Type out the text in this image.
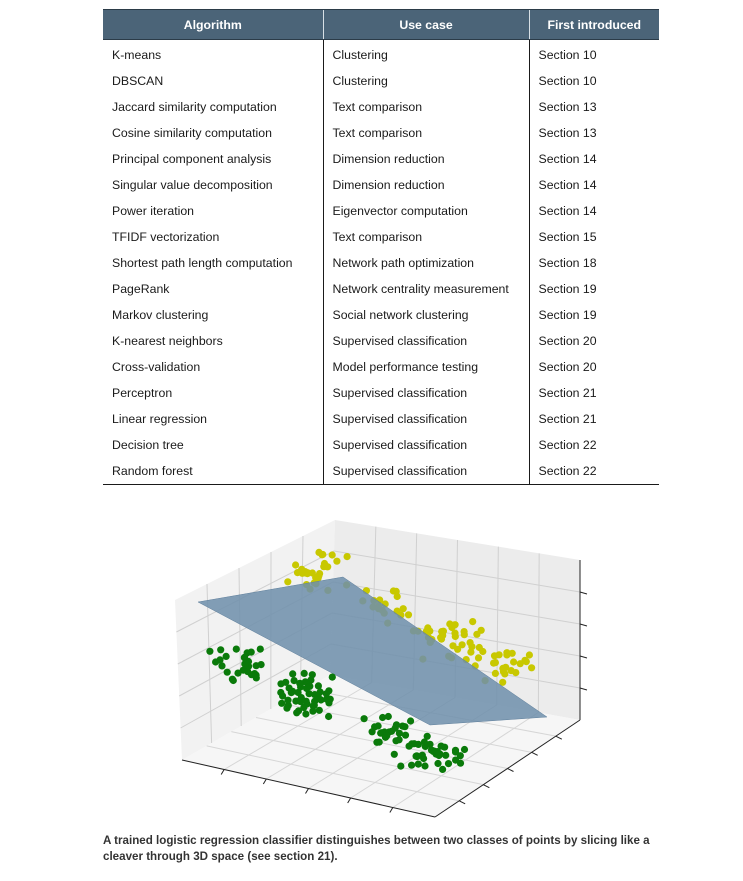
Algorithm	Use case	First introduced
K-means	Clustering	Section 10
DBSCAN	Clustering	Section 10
Jaccard similarity computation	Text comparison	Section 13
Cosine similarity computation	Text comparison	Section 13
Principal component analysis	Dimension reduction	Section 14
Singular value decomposition	Dimension reduction	Section 14
Power iteration	Eigenvector computation	Section 14
TFIDF vectorization	Text comparison	Section 15
Shortest path length computation	Network path optimization	Section 18
PageRank	Network centrality measurement	Section 19
Markov clustering	Social network clustering	Section 19
K-nearest neighbors	Supervised classification	Section 20
Cross-validation	Model performance testing	Section 20
Perceptron	Supervised classification	Section 21
Linear regression	Supervised classification	Section 21
Decision tree	Supervised classification	Section 22
Random forest	Supervised classification	Section 22
A trained logistic regression classifier distinguishes between two classes of points by slicing like a cleaver through 3D space (see section 21).
